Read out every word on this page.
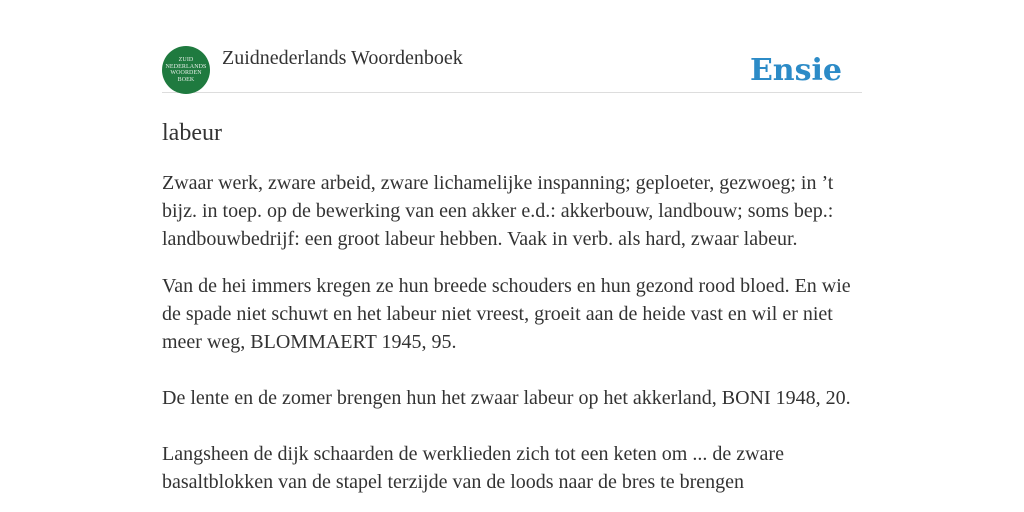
ZUID
NEDERLANDS
WOORDEN
BOEK
Zuidnederlands Woordenboek	Ensie
labeur
Zwaar werk, zware arbeid, zware lichamelijke inspanning; geploeter, gezwoeg; in ’t bijz. in toep. op de bewerking van een akker e.d.: akkerbouw, landbouw; soms bep.: landbouwbedrijf: een groot labeur hebben. Vaak in verb. als hard, zwaar labeur.
Van de hei immers kregen ze hun breede schouders en hun gezond rood bloed. En wie de spade niet schuwt en het labeur niet vreest, groeit aan de heide vast en wil er niet meer weg, BLOMMAERT 1945, 95.
De lente en de zomer brengen hun het zwaar labeur op het akkerland, BONI 1948, 20.
Langsheen de dijk schaarden de werklieden zich tot een keten om ... de zware basaltblokken van de stapel terzijde van de loods naar de bres te brengen
